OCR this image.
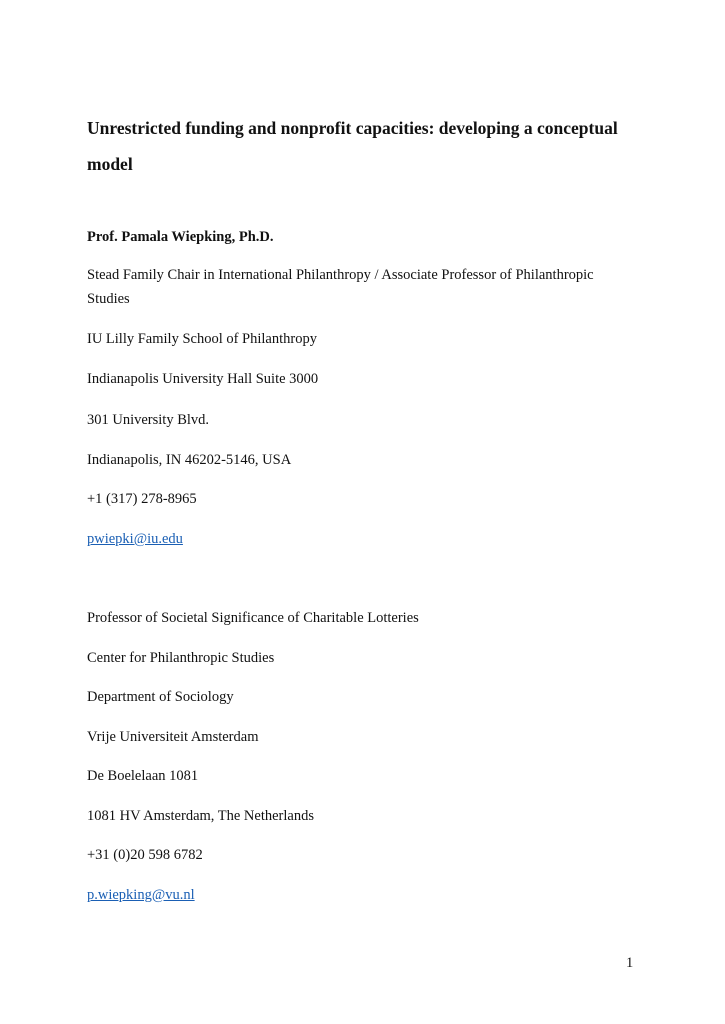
Unrestricted funding and nonprofit capacities: developing a conceptual model

Prof. Pamala Wiepking, Ph.D.

Stead Family Chair in International Philanthropy / Associate Professor of Philanthropic Studies

IU Lilly Family School of Philanthropy

Indianapolis University Hall Suite 3000

301 University Blvd.

Indianapolis, IN 46202-5146, USA

+1 (317) 278-8965

pwiepki@iu.edu

Professor of Societal Significance of Charitable Lotteries

Center for Philanthropic Studies

Department of Sociology

Vrije Universiteit Amsterdam

De Boelelaan 1081

1081 HV Amsterdam, The Netherlands

+31 (0)20 598 6782

p.wiepking@vu.nl

1
